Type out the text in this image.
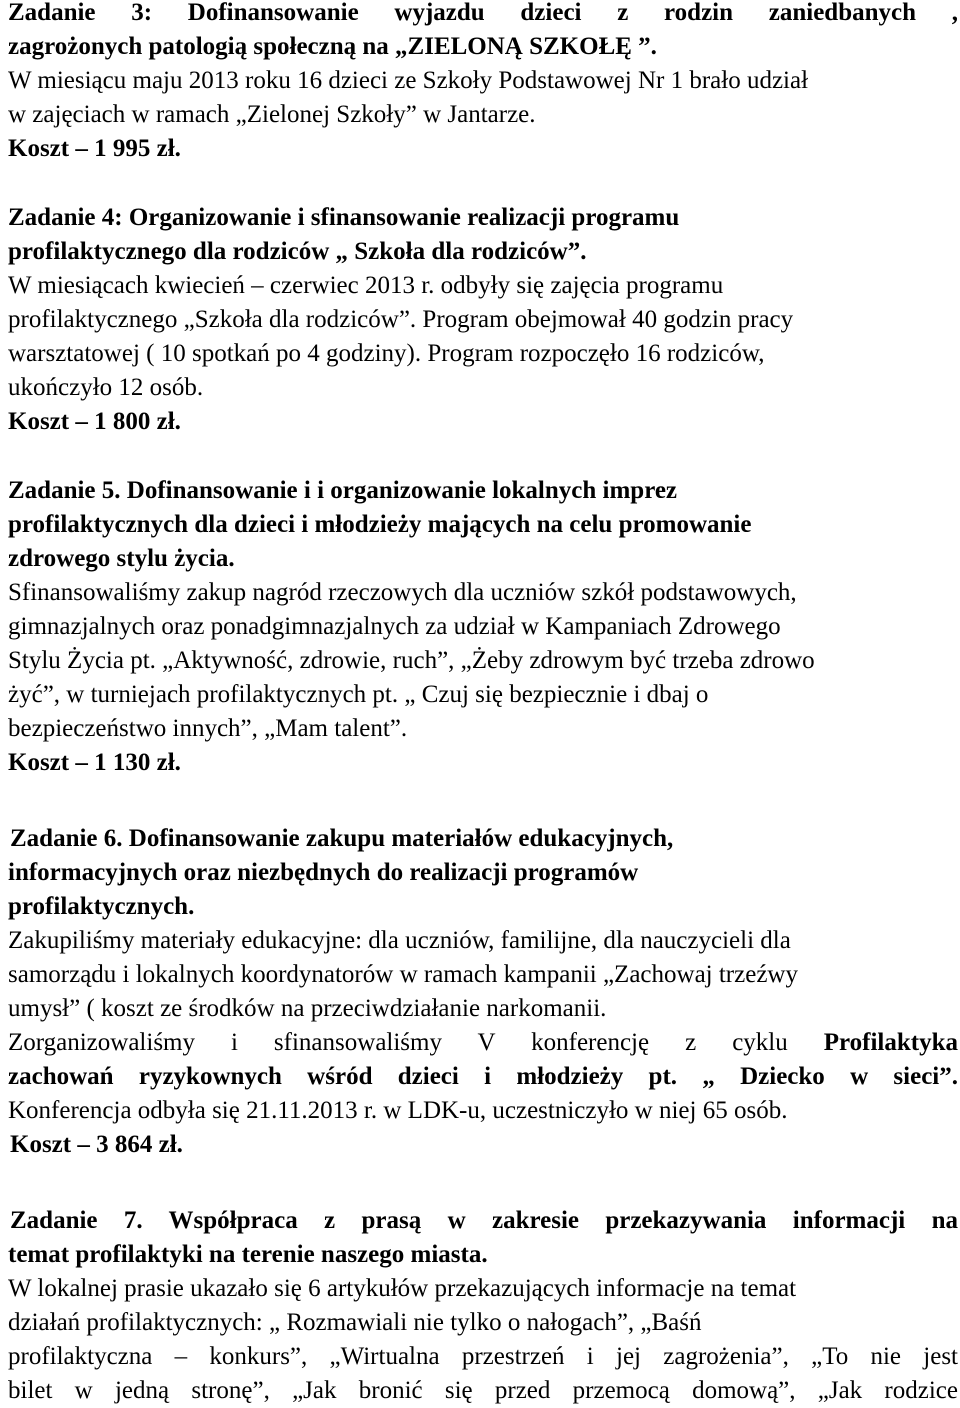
Zadanie 3: Dofinansowanie wyjazdu dzieci z rodzin zaniedbanych ,
zagrożonych patologią społeczną na „ZIELONĄ SZKOŁĘ ”.
W miesiącu maju 2013 roku 16 dzieci ze Szkoły Podstawowej Nr 1 brało udział
w zajęciach w ramach „Zielonej Szkoły” w Jantarze.
Koszt – 1 995 zł.
Zadanie 4: Organizowanie i sfinansowanie realizacji programu
profilaktycznego dla rodziców „ Szkoła dla rodziców”.
W miesiącach kwiecień – czerwiec 2013 r. odbyły się zajęcia programu
profilaktycznego „Szkoła dla rodziców”. Program obejmował 40 godzin pracy
warsztatowej ( 10 spotkań po 4 godziny). Program rozpoczęło 16 rodziców,
ukończyło 12 osób.
Koszt – 1 800 zł.
Zadanie 5. Dofinansowanie i i organizowanie lokalnych imprez
profilaktycznych dla dzieci i młodzieży mających na celu promowanie
zdrowego stylu życia.
Sfinansowaliśmy zakup nagród rzeczowych dla uczniów szkół podstawowych,
gimnazjalnych oraz ponadgimnazjalnych za udział w Kampaniach Zdrowego
Stylu Życia pt. „Aktywność, zdrowie, ruch”, „Żeby zdrowym być trzeba zdrowo
żyć”, w turniejach profilaktycznych pt. „ Czuj się bezpiecznie i dbaj o
bezpieczeństwo innych”, „Mam talent”.
Koszt – 1 130 zł.
Zadanie 6. Dofinansowanie zakupu materiałów edukacyjnych,
informacyjnych oraz niezbędnych do realizacji programów
profilaktycznych.
Zakupiliśmy materiały edukacyjne: dla uczniów, familijne, dla nauczycieli dla
samorządu i lokalnych koordynatorów w ramach kampanii „Zachowaj trzeźwy
umysł” ( koszt ze środków na przeciwdziałanie narkomanii.
Zorganizowaliśmy i sfinansowaliśmy V konferencję z cyklu Profilaktyka
zachowań ryzykownych wśród dzieci i młodzieży pt. „ Dziecko w sieci”.
Konferencja odbyła się 21.11.2013 r. w LDK-u, uczestniczyło w niej 65 osób.
Koszt – 3 864 zł.
Zadanie 7. Współpraca z prasą w zakresie przekazywania informacji na
temat profilaktyki na terenie naszego miasta.
W lokalnej prasie ukazało się 6 artykułów przekazujących informacje na temat
działań profilaktycznych: „ Rozmawiali nie tylko o nałogach”, „Baśń
profilaktyczna – konkurs”, „Wirtualna przestrzeń i jej zagrożenia”, „To nie jest
bilet w jedną stronę”, „Jak bronić się przed przemocą domową”, „Jak rodzice
